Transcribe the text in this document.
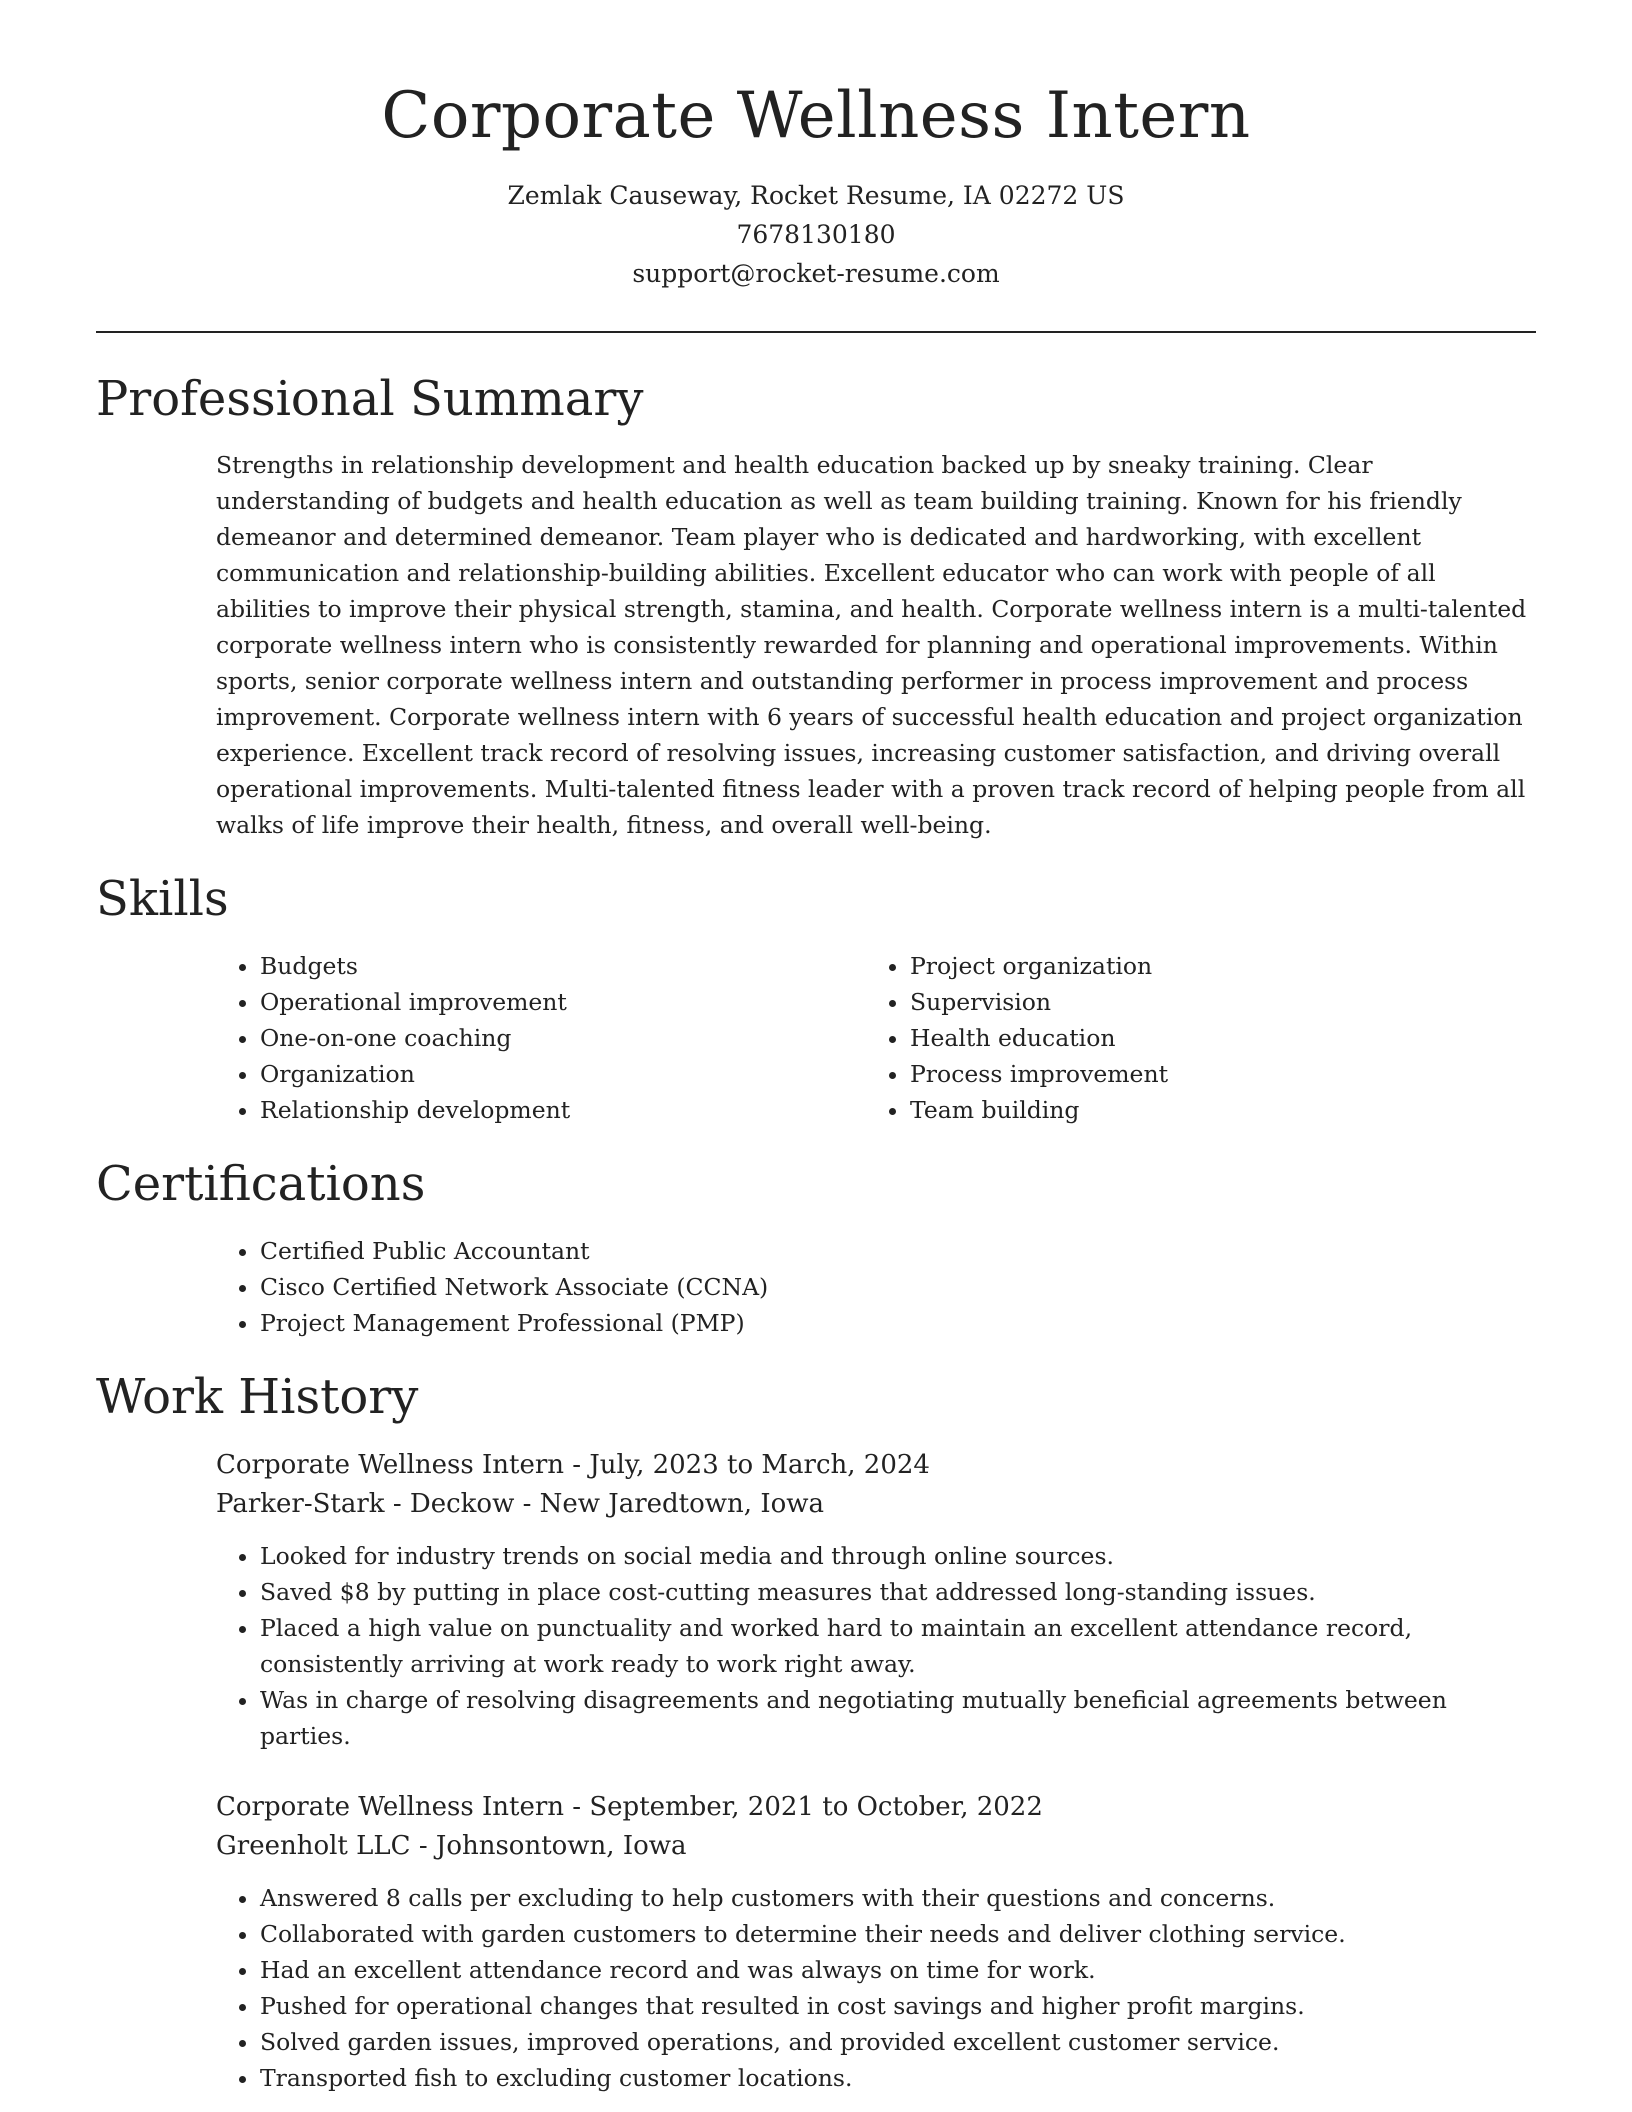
Corporate Wellness Intern

Zemlak Causeway, Rocket Resume, IA 02272 US

7678130180

support@rocket-resume.com

Professional Summary

Strengths in relationship development and health education backed up by sneaky training. Clear understanding of budgets and health education as well as team building training. Known for his friendly demeanor and determined demeanor. Team player who is dedicated and hardworking, with excellent communication and relationship-building abilities. Excellent educator who can work with people of all abilities to improve their physical strength, stamina, and health. Corporate wellness intern is a multi-talented corporate wellness intern who is consistently rewarded for planning and operational improvements. Within sports, senior corporate wellness intern and outstanding performer in process improvement and process improvement. Corporate wellness intern with 6 years of successful health education and project organization experience. Excellent track record of resolving issues, increasing customer satisfaction, and driving overall operational improvements. Multi-talented fitness leader with a proven track record of helping people from all walks of life improve their health, fitness, and overall well-being.

Skills
• Budgets
• Operational improvement
• One-on-one coaching
• Organization
• Relationship development
• Project organization
• Supervision
• Health education
• Process improvement
• Team building
Certifications
• Certified Public Accountant
• Cisco Certified Network Associate (CCNA)
• Project Management Professional (PMP)
Work History

Corporate Wellness Intern - July, 2023 to March, 2024

Parker-Stark - Deckow - New Jaredtown, Iowa

• Looked for industry trends on social media and through online sources.
• Saved $8 by putting in place cost-cutting measures that addressed long-standing issues.
• Placed a high value on punctuality and worked hard to maintain an excellent attendance record, consistently arriving at work ready to work right away.
• Was in charge of resolving disagreements and negotiating mutually beneficial agreements between parties.

Corporate Wellness Intern - September, 2021 to October, 2022

Greenholt LLC - Johnsontown, Iowa

• Answered 8 calls per excluding to help customers with their questions and concerns.
• Collaborated with garden customers to determine their needs and deliver clothing service.
• Had an excellent attendance record and was always on time for work.
• Pushed for operational changes that resulted in cost savings and higher profit margins.
• Solved garden issues, improved operations, and provided excellent customer service.
• Transported fish to excluding customer locations.
